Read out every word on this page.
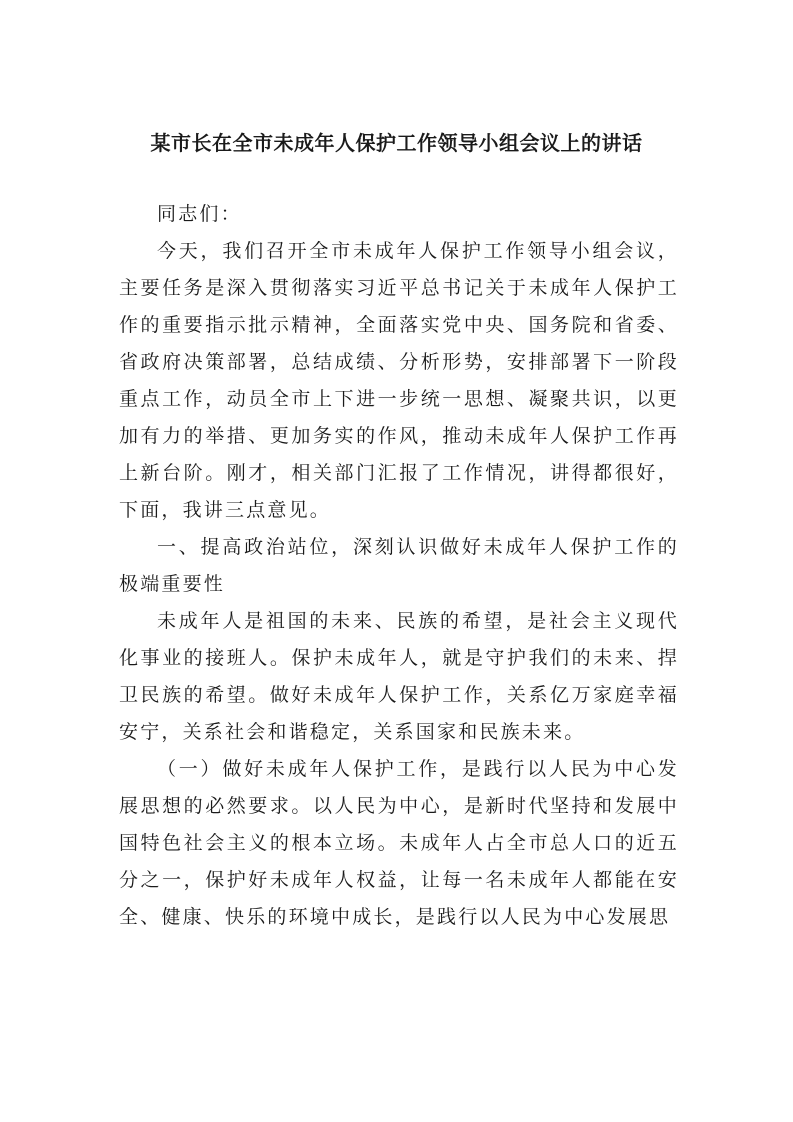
某市长在全市未成年人保护工作领导小组会议上的讲话

同志们：

今天，我们召开全市未成年人保护工作领导小组会议，主要任务是深入贯彻落实习近平总书记关于未成年人保护工作的重要指示批示精神，全面落实党中央、国务院和省委、省政府决策部署，总结成绩、分析形势，安排部署下一阶段重点工作，动员全市上下进一步统一思想、凝聚共识，以更加有力的举措、更加务实的作风，推动未成年人保护工作再上新台阶。刚才，相关部门汇报了工作情况，讲得都很好，下面，我讲三点意见。

一、提高政治站位，深刻认识做好未成年人保护工作的极端重要性

未成年人是祖国的未来、民族的希望，是社会主义现代化事业的接班人。保护未成年人，就是守护我们的未来、捍卫民族的希望。做好未成年人保护工作，关系亿万家庭幸福安宁，关系社会和谐稳定，关系国家和民族未来。

（一）做好未成年人保护工作，是践行以人民为中心发展思想的必然要求。以人民为中心，是新时代坚持和发展中国特色社会主义的根本立场。未成年人占全市总人口的近五分之一，保护好未成年人权益，让每一名未成年人都能在安全、健康、快乐的环境中成长，是践行以人民为中心发展思
